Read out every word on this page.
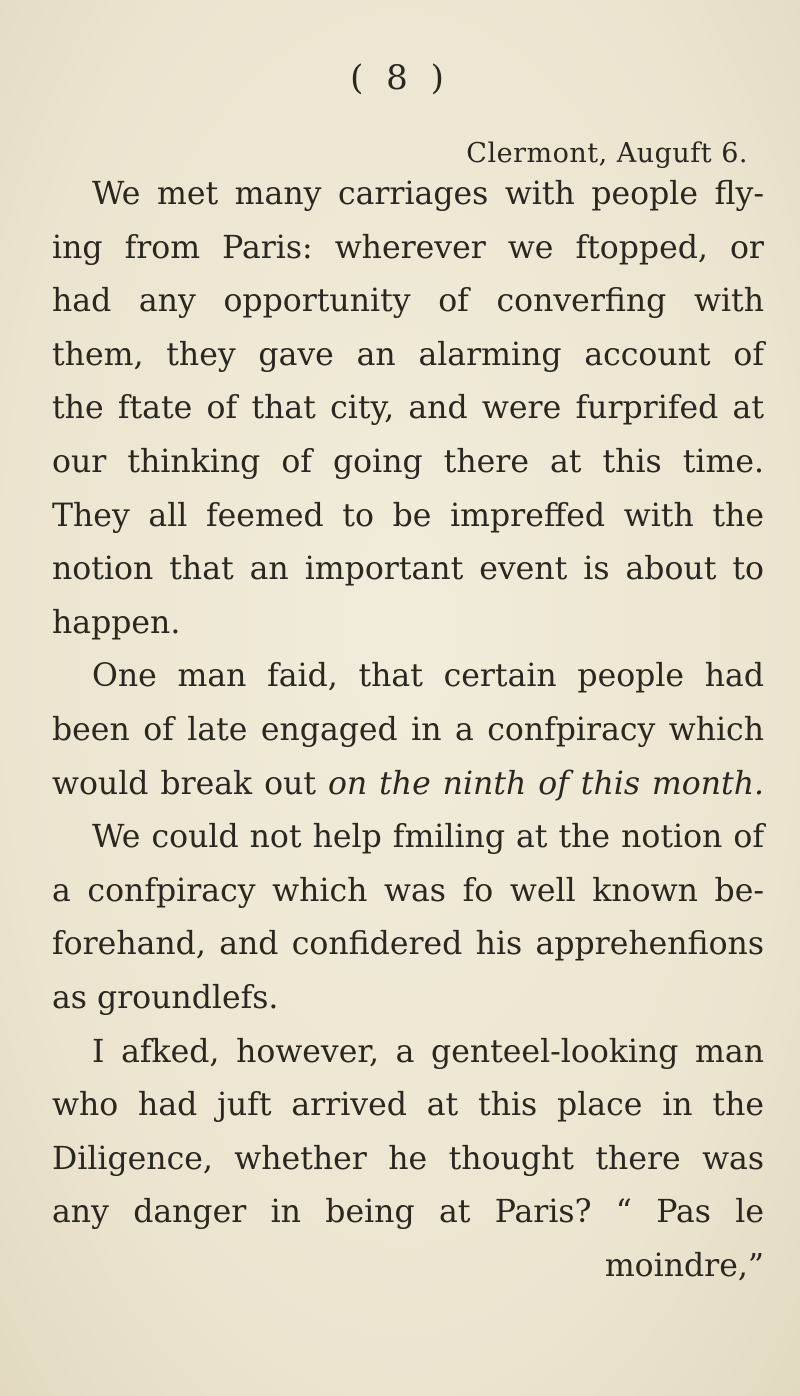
( 8 )
Clermont, Auguft 6.
We met many carriages with people fly-
ing from Paris: wherever we ftopped, or
had any opportunity of converfing with
them, they gave an alarming account of
the ftate of that city, and were furprifed at
our thinking of going there at this time.
They all feemed to be impreffed with the
notion that an important event is about to
happen.
One man faid, that certain people had
been of late engaged in a confpiracy which
would break out on the ninth of this month.
We could not help fmiling at the notion of
a confpiracy which was fo well known be-
forehand, and confidered his apprehenfions
as groundlefs.
I afked, however, a genteel-looking man
who had juft arrived at this place in the
Diligence, whether he thought there was
any danger in being at Paris? “ Pas le
moindre,”
